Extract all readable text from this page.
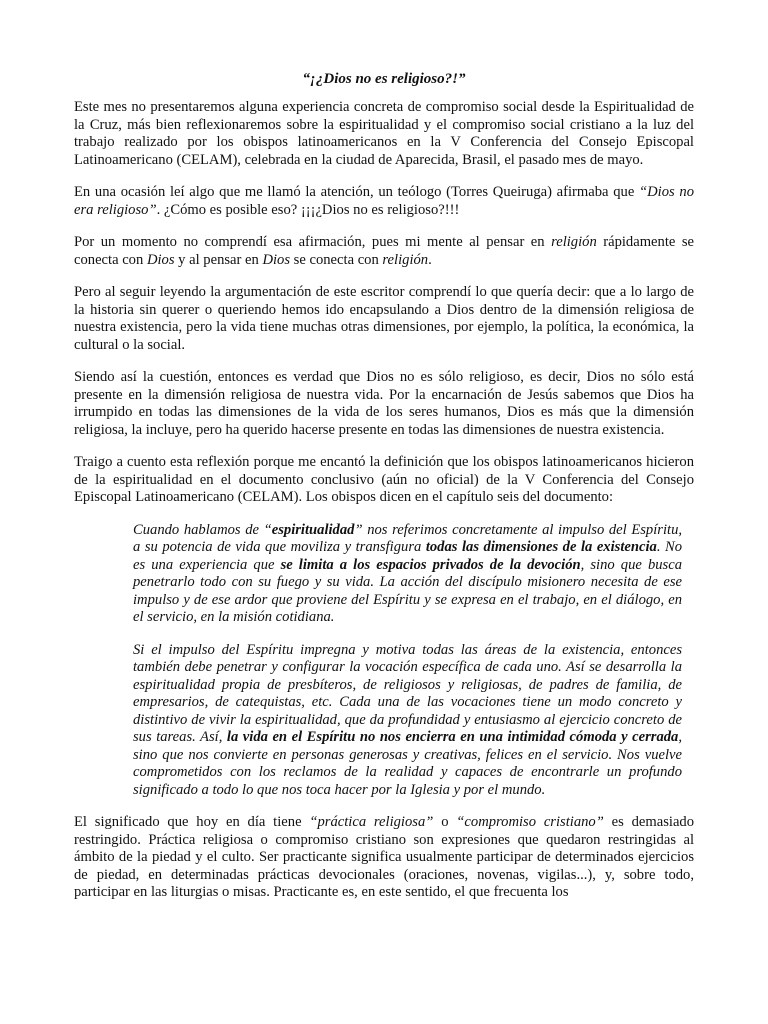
“¡¿Dios no es religioso?!”

Este mes no presentaremos alguna experiencia concreta de compromiso social desde la Espiritualidad de la Cruz, más bien reflexionaremos sobre la espiritualidad y el compromiso social cristiano a la luz del trabajo realizado por los obispos latinoamericanos en la V Conferencia del Consejo Episcopal Latinoamericano (CELAM), celebrada en la ciudad de Aparecida, Brasil, el pasado mes de mayo.

En una ocasión leí algo que me llamó la atención, un teólogo (Torres Queiruga) afirmaba que “Dios no era religioso”. ¿Cómo es posible eso? ¡¡¡¿Dios no es religioso?!!!

Por un momento no comprendí esa afirmación, pues mi mente al pensar en religión rápidamente se conecta con Dios y al pensar en Dios se conecta con religión.

Pero al seguir leyendo la argumentación de este escritor comprendí lo que quería decir: que a lo largo de la historia sin querer o queriendo hemos ido encapsulando a Dios dentro de la dimensión religiosa de nuestra existencia, pero la vida tiene muchas otras dimensiones, por ejemplo, la política, la económica, la cultural o la social.

Siendo así la cuestión, entonces es verdad que Dios no es sólo religioso, es decir, Dios no sólo está presente en la dimensión religiosa de nuestra vida. Por la encarnación de Jesús sabemos que Dios ha irrumpido en todas las dimensiones de la vida de los seres humanos, Dios es más que la dimensión religiosa, la incluye, pero ha querido hacerse presente en todas las dimensiones de nuestra existencia.

Traigo a cuento esta reflexión porque me encantó la definición que los obispos latinoamericanos hicieron de la espiritualidad en el documento conclusivo (aún no oficial) de la V Conferencia del Consejo Episcopal Latinoamericano (CELAM). Los obispos dicen en el capítulo seis del documento:

Cuando hablamos de “espiritualidad” nos referimos concretamente al impulso del Espíritu, a su potencia de vida que moviliza y transfigura todas las dimensiones de la existencia. No es una experiencia que se limita a los espacios privados de la devoción, sino que busca penetrarlo todo con su fuego y su vida. La acción del discípulo misionero necesita de ese impulso y de ese ardor que proviene del Espíritu y se expresa en el trabajo, en el diálogo, en el servicio, en la misión cotidiana.

Si el impulso del Espíritu impregna y motiva todas las áreas de la existencia, entonces también debe penetrar y configurar la vocación específica de cada uno. Así se desarrolla la espiritualidad propia de presbíteros, de religiosos y religiosas, de padres de familia, de empresarios, de catequistas, etc. Cada una de las vocaciones tiene un modo concreto y distintivo de vivir la espiritualidad, que da profundidad y entusiasmo al ejercicio concreto de sus tareas. Así, la vida en el Espíritu no nos encierra en una intimidad cómoda y cerrada, sino que nos convierte en personas generosas y creativas, felices en el servicio. Nos vuelve comprometidos con los reclamos de la realidad y capaces de encontrarle un profundo significado a todo lo que nos toca hacer por la Iglesia y por el mundo.

El significado que hoy en día tiene “práctica religiosa” o “compromiso cristiano” es demasiado restringido. Práctica religiosa o compromiso cristiano son expresiones que quedaron restringidas al ámbito de la piedad y el culto. Ser practicante significa usualmente participar de determinados ejercicios de piedad, en determinadas prácticas devocionales (oraciones, novenas, vigilas...), y, sobre todo, participar en las liturgias o misas. Practicante es, en este sentido, el que frecuenta los
